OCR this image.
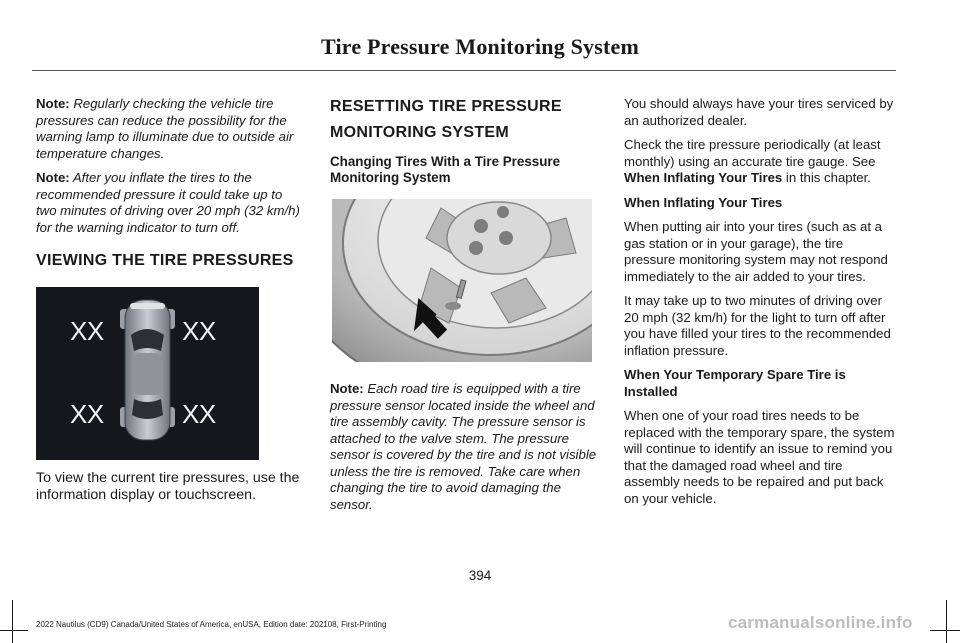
Tire Pressure Monitoring System

Note: Regularly checking the vehicle tire pressures can reduce the possibility for the warning lamp to illuminate due to outside air temperature changes.

Note: After you inflate the tires to the recommended pressure it could take up to two minutes of driving over 20 mph (32 km/h) for the warning indicator to turn off.

VIEWING THE TIRE PRESSURES

To view the current tire pressures, use the information display or touchscreen.

XX	XX
XX	XX
RESETTING TIRE PRESSURE
MONITORING SYSTEM
Changing Tires With a Tire Pressure Monitoring System

Note: Each road tire is equipped with a tire pressure sensor located inside the wheel and tire assembly cavity. The pressure sensor is attached to the valve stem. The pressure sensor is covered by the tire and is not visible unless the tire is removed. Take care when changing the tire to avoid damaging the sensor.

You should always have your tires serviced by an authorized dealer.

Check the tire pressure periodically (at least monthly) using an accurate tire gauge. See When Inflating Your Tires in this chapter.

When Inflating Your Tires

When putting air into your tires (such as at a gas station or in your garage), the tire pressure monitoring system may not respond immediately to the air added to your tires.

It may take up to two minutes of driving over 20 mph (32 km/h) for the light to turn off after you have filled your tires to the recommended inflation pressure.

When Your Temporary Spare Tire is Installed

When one of your road tires needs to be replaced with the temporary spare, the system will continue to identify an issue to remind you that the damaged road wheel and tire assembly needs to be repaired and put back on your vehicle.

394
2022 Nautilus (CD9) Canada/United States of America, enUSA, Edition date: 202108, First-Printing	carmanualsonline.info
